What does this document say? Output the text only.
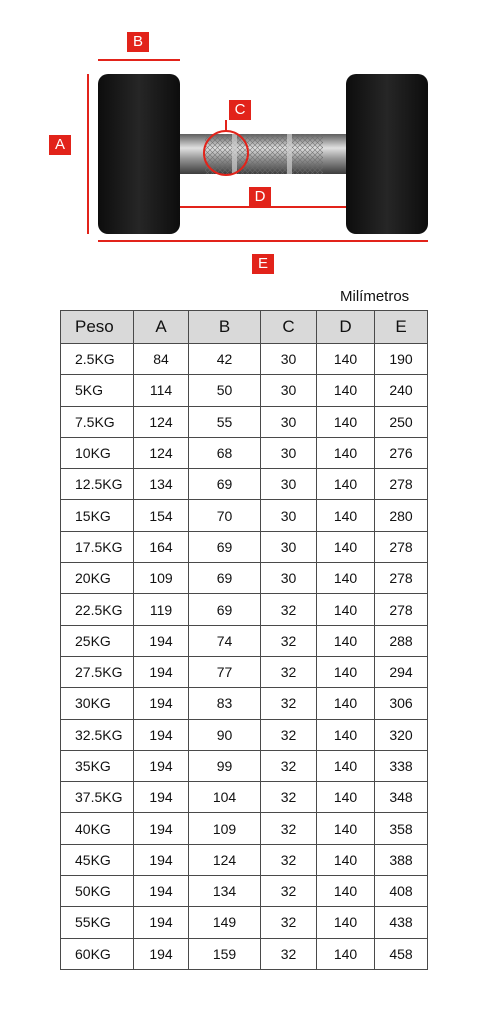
B
A
C
D
E
Milímetros
Peso	A	B	C	D	E
2.5KG	84	42	30	140	190
5KG	114	50	30	140	240
7.5KG	124	55	30	140	250
10KG	124	68	30	140	276
12.5KG	134	69	30	140	278
15KG	154	70	30	140	280
17.5KG	164	69	30	140	278
20KG	109	69	30	140	278
22.5KG	119	69	32	140	278
25KG	194	74	32	140	288
27.5KG	194	77	32	140	294
30KG	194	83	32	140	306
32.5KG	194	90	32	140	320
35KG	194	99	32	140	338
37.5KG	194	104	32	140	348
40KG	194	109	32	140	358
45KG	194	124	32	140	388
50KG	194	134	32	140	408
55KG	194	149	32	140	438
60KG	194	159	32	140	458
